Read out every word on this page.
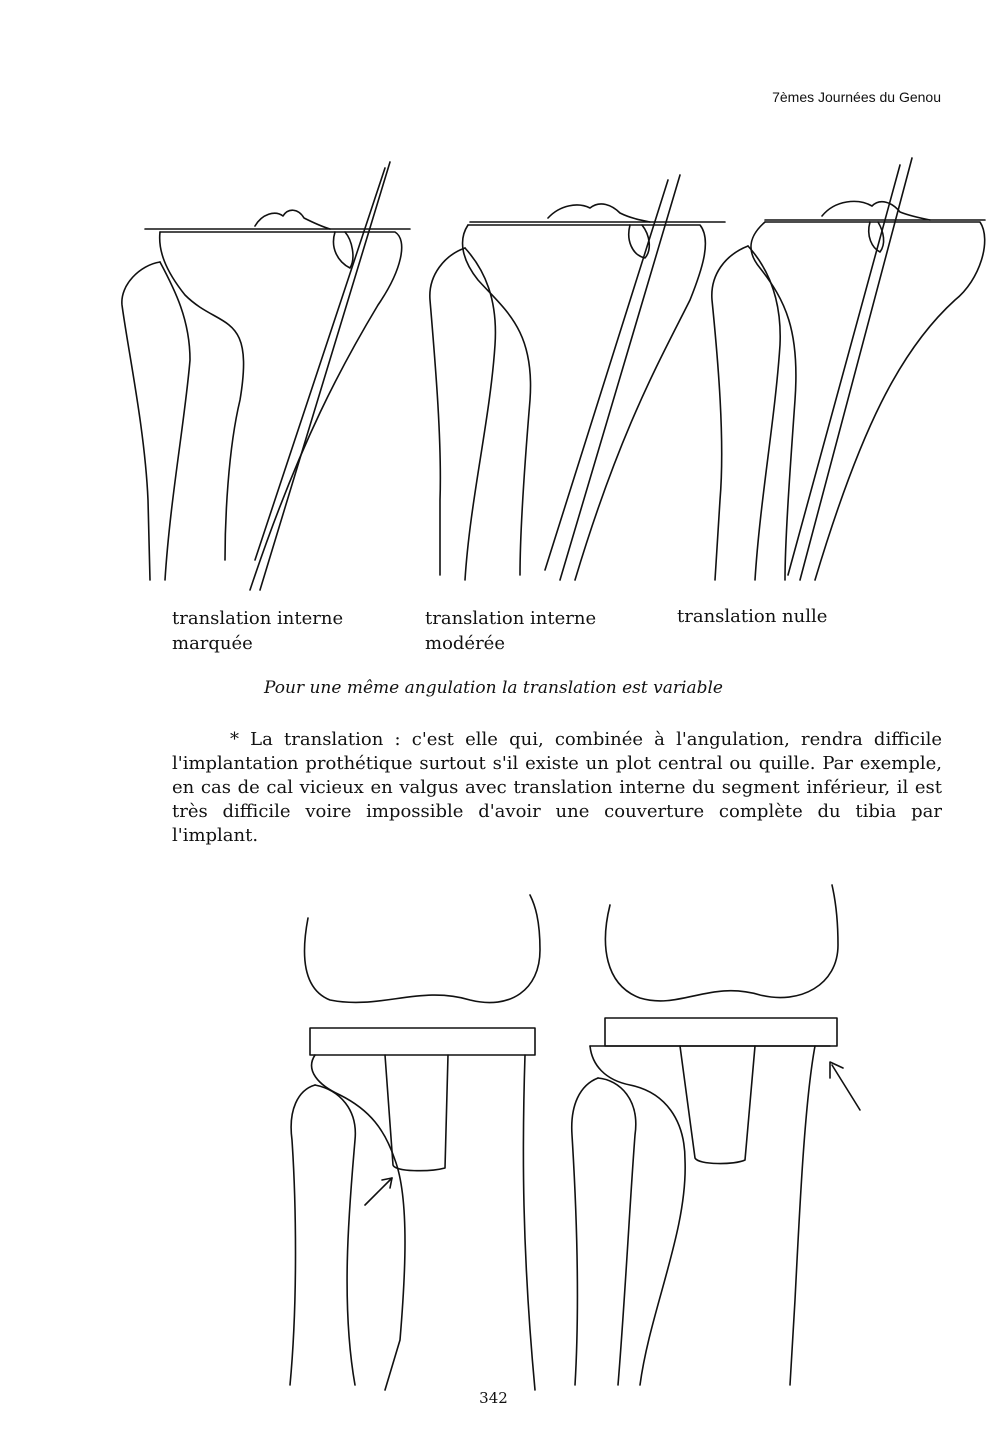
7èmes Journées du Genou
translation interne
marquée
translation interne
modérée
translation nulle
Pour une même angulation la translation est variable
* La translation : c'est elle qui, combinée à l'angulation, rendra difficile l'implantation prothétique surtout s'il existe un plot central ou quille. Par exemple, en cas de cal vicieux en valgus avec translation interne du segment inférieur, il est très difficile voire impossible d'avoir une couverture complète du tibia par l'implant.
342
